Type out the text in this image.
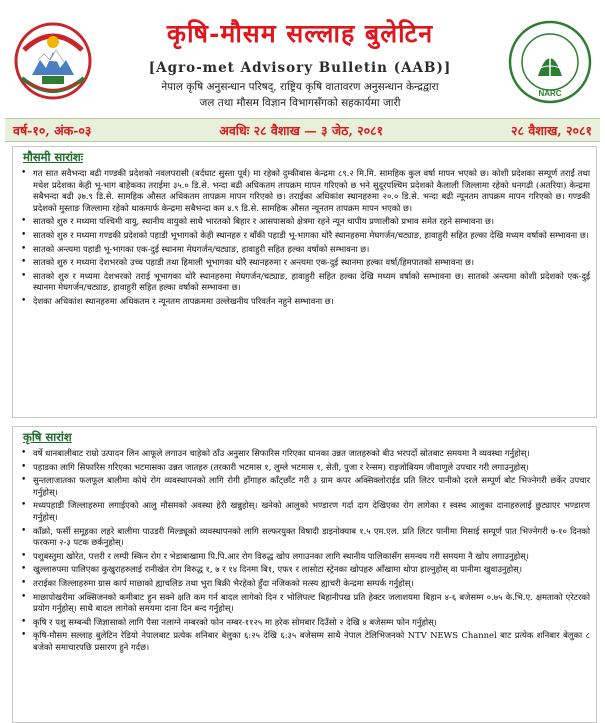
कृषि-मौसम सल्लाह बुलेटिन
[Agro-met Advisory Bulletin (AAB)]
नेपाल कृषि अनुसन्धान परिषद्, राष्ट्रिय कृषि वातावरण अनुसन्धान केन्द्रद्वारा
जल तथा मौसम विज्ञान विभागसँगको सहकार्यमा जारी
NARC
वर्ष-१०, अंक-०३	अवधिः २८ वैशाख — ३ जेठ, २०८१	२८ वैशाख, २०८१
मौसमी सारांशः
• गत सात सवैभन्दा बढी गण्डकी प्रदेशको नवलपरासी (बर्दघाट सुस्ता पूर्व) मा रहेको दुम्कीबास केन्द्रमा ८९.२ मि.मि. सामहिक कुल वर्षा मापन भएको छ। कोशी प्रदेशका सम्पूर्ण तराईं तथा मधेश प्रदेशका केही भू-भाग बाहेकका तराईमा ३५.० डि.से. भन्दा बढी अधिकतम तापक्रम मापन गरिएको छ भने सुदूरपश्चिम प्रदेशको कैलाली जिल्लामा रहेको धनगढी (अतरिया) केन्द्रमा सबैभन्दा बढी ३७.९ डि.से. सामहिक औसत अधिकतम तापक्रम मापन गरिएको छ। तराईका अधिकांश स्थानहरुमा २०.० डि.से. भन्दा बढी न्यूनतम तापक्रम मापन गरिएको छ। गण्डकी प्रदेशको मुस्ताङ जिल्लामा रहेको थाकमार्फ केन्द्रमा सबैभन्दा कम ४.९ डि.से. सामहिक औसत न्यूनतम तापक्रम मापन भएको छ।
• सातको शुरु र मध्यमा पश्चिमी वायु, स्थानीय वायुको साथै भारतको बिहार र आसपासको क्षेत्रमा रहने न्यून चापीय प्रणालीको प्रभाव समेत रहने सम्भावना छ।
• सातको शुरु र मध्यमा गण्डकी प्रदेशको पहाडी भूभागको केही स्थानहरु र बाँकी पहाडी भू-भागका थोरै स्थानहरुमा मेघगर्जन/चट्याङ, हावाहुरी सहित हल्का देखि मध्यम वर्षाको सम्भावना छ।
• सातको अन्त्यमा पहाडी भू-भागका एक-दुई स्थानमा मेघगर्जन/चट्याङ, हावाहुरी सहित हल्का वर्षाको सम्भावना छ।
• सातको शुरु र मध्यमा देशभरको उच्च पहाडी तथा हिमाली भूभागका थोरै स्थानहरुमा र अन्त्यमा एक-दुई स्थानमा हल्का वर्षा/हिमपातको सम्भावना छ।
• सातको शुरु र मध्यमा देशभरको तराई भूभागका थोरै स्थानहरुमा मेघगर्जन/चट्याङ, हावाहुरी सहित हल्का देखि मध्यम वर्षाको सम्भावना छ। सातको अन्त्यमा कोशी प्रदेशको एक-दुई स्थानमा मेघगर्जन/चट्याङ, हावाहुरी सहित हल्का वर्षाको सम्भावना छ।
• देशका अधिकांश स्थानहरुमा अधिकतम र न्यूनतम तापक्रममा उल्लेखनीय परिवर्तन नहुने सम्भावना छ।
कृषि सारांश
• वर्षे धानबालीबाट राम्रो उत्पादन लिन आफूले लगाउन चाहेको ठाँउ अनुसार सिफारिस गरिएका धानका उन्नत जातहरुको बीउ भरपर्दो स्रोतबाट समयमा नै व्यवस्था गर्नुहोस्।
• पहाडका लागि सिफारिस गरिएका भटमासका उन्नत जातहरु (तरकारी भटमास १, लुम्ले भटमास १, सेती, पुजा र रेन्सम) राइजोबियम जीवाणुले उपचार गरी लगाउनुहोस्।
• सुन्तलाजातका फलफूल बालीमा कोथे रोग व्यवस्थापनको लागि रोगी हाँगाहरु काँट्छाँट गरी ३ ग्राम कपर अक्सिक्लोराईड प्रति लिटर पानीको दरले सम्पूर्ण बोट भिज्नेगरी छर्केर उपचार गर्नुहोस्।
• मध्यपहाडी जिल्लाहरुमा लगाईएको आलु मौसमको अवस्था हेरी खन्नुहोस्। खनेको आलुको भण्डारण गर्दा दाग देखिएका रोग लागेका र स्वस्थ आलुका दानाहरुलाई छुट्याएर भण्डारण गर्नुहोस्।
• काँक्रो, फर्सी समूहका लहरे बालीमा पाउडरी मिल्ड्यूको व्यवस्थापनको लागि सल्फरयुक्त विषादी डाइनोक्याब १.५ एम.एल. प्रति लिटर पानीमा मिसाई सम्पूर्ण पात भिज्नेगरी ७-१० दिनको फरकमा २-३ पटक छर्कनुहोस्।
• पशुबस्तुमा खोरेत, पत्तरी र लम्पी स्किन रोग र भेडाबाखामा पि.पि.आर रोग विरुद्ध खोप लगाउनका लागि स्थानीय पालिकासँग समन्वय गरी समयमा नै खोप लगाउनुहोस्।
• खुल्लारुपमा पालिएका कुखुराहरुलाई रानीखेत रोग विरुद्ध १, ७ र १४ दिनमा बि१, एफ१ र लासोटा स्ट्रेनका खोपहरु आँखामा थोपा हाल्नुहोस् वा पानीमा खुवाउनुहोस्।
• तराईका जिल्लाहरुमा ग्रास कार्प माछाको ह्याचलिङ तथा भुरा बिक्री भैरहेको हुँदा नजिकको मत्स्य ह्याचरी केन्द्रमा सम्पर्क गर्नुहोस्।
• माछापोखरीमा अक्सिजनको कमीबाट हुन सक्ने क्षति कम गर्न बादल लागेको दिन र भोलिपल्ट बिहानीपख प्रति हेक्टर जलाशयमा बिहान ४-६ बजेसम्म ०.७५ के.भि.ए. क्षमताको एरेटरको प्रयोग गर्नुहोस्। साथै बादल लागेको समयमा दाना दिन बन्द गर्नुहोस्।
• कृषि र पशु सम्बन्धी जिज्ञासाको लागि पैसा नलाग्ने नम्बरको फोन नम्बर-११२५ मा हरेक सोमबार दिउँसो २ देखि ४ बजेसम्म फोन गर्नुहोस्।
• कृषि-मौसम सल्लाह बुलेटिन रेडियो नेपालबाट प्रत्येक शनिबार बेलुका ६:२५ देखि ६:३५ बजेसम्म साथै नेपाल टेलिभिजनको NTV NEWS Channel बाट प्रत्येक शनिबार बेलुका ८ बजेको समाचारपछि प्रसारण हुने गर्दछ।
